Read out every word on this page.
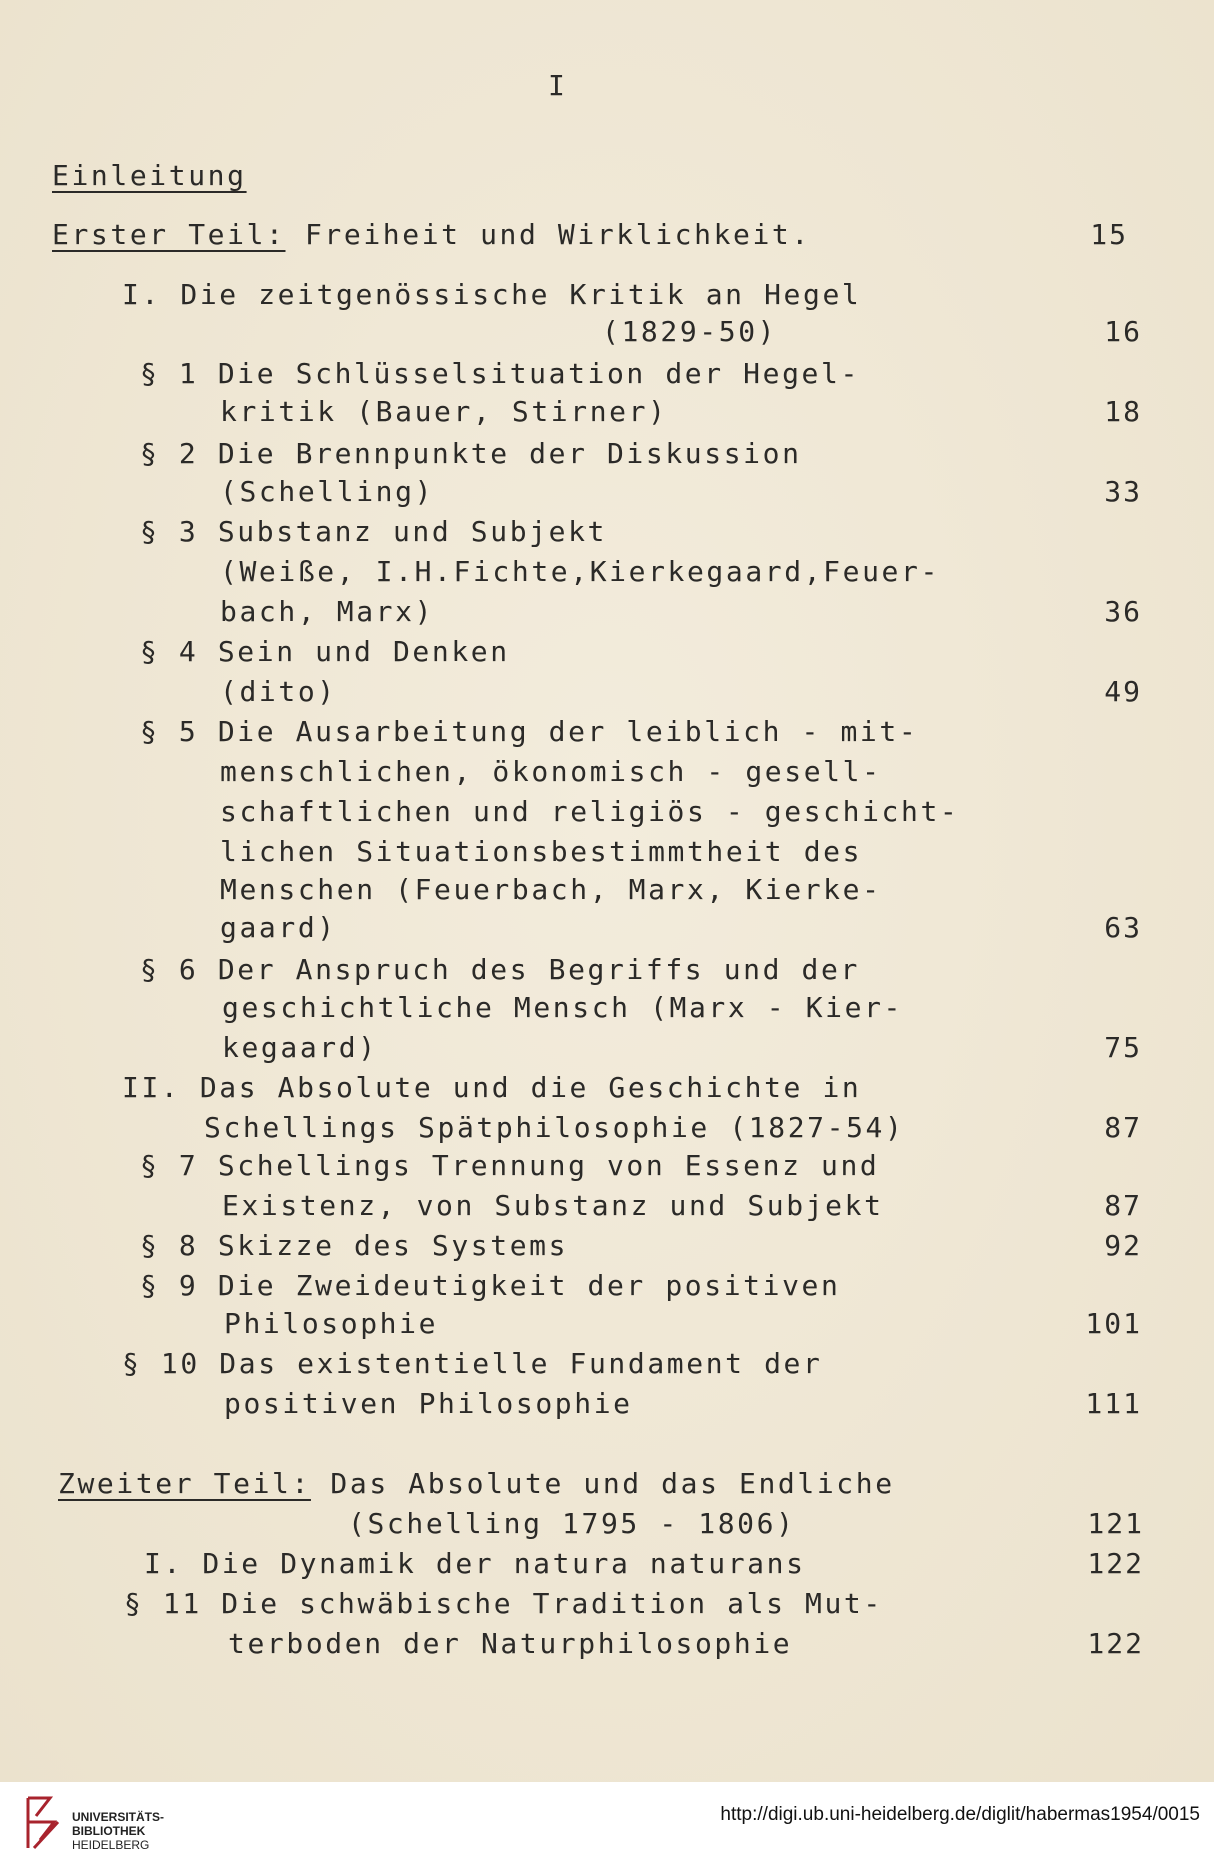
I
Einleitung
Erster Teil: Freiheit und Wirklichkeit.	15
I. Die zeitgenössische Kritik an Hegel
(1829-50)	16
§ 1 Die Schlüsselsituation der Hegel-
kritik (Bauer, Stirner)	18
§ 2 Die Brennpunkte der Diskussion
(Schelling)	33
§ 3 Substanz und Subjekt
(Weiße, I.H.Fichte,Kierkegaard,Feuer-
bach, Marx)	36
§ 4 Sein und Denken
(dito)	49
§ 5 Die Ausarbeitung der leiblich - mit-
menschlichen, ökonomisch - gesell-
schaftlichen und religiös - geschicht-
lichen Situationsbestimmtheit des
Menschen (Feuerbach, Marx, Kierke-
gaard)	63
§ 6 Der Anspruch des Begriffs und der
geschichtliche Mensch (Marx - Kier-
kegaard)	75
II. Das Absolute und die Geschichte in
Schellings Spätphilosophie (1827-54)	87
§ 7 Schellings Trennung von Essenz und
Existenz, von Substanz und Subjekt	87
§ 8 Skizze des Systems	92
§ 9 Die Zweideutigkeit der positiven
Philosophie	101
§ 10 Das existentielle Fundament der
positiven Philosophie	111
Zweiter Teil: Das Absolute und das Endliche
(Schelling 1795 - 1806)	121
I. Die Dynamik der natura naturans	122
§ 11 Die schwäbische Tradition als Mut-
terboden der Naturphilosophie	122
UNIVERSITÄTS-
BIBLIOTHEK
HEIDELBERG
http://digi.ub.uni-heidelberg.de/diglit/habermas1954/0015
